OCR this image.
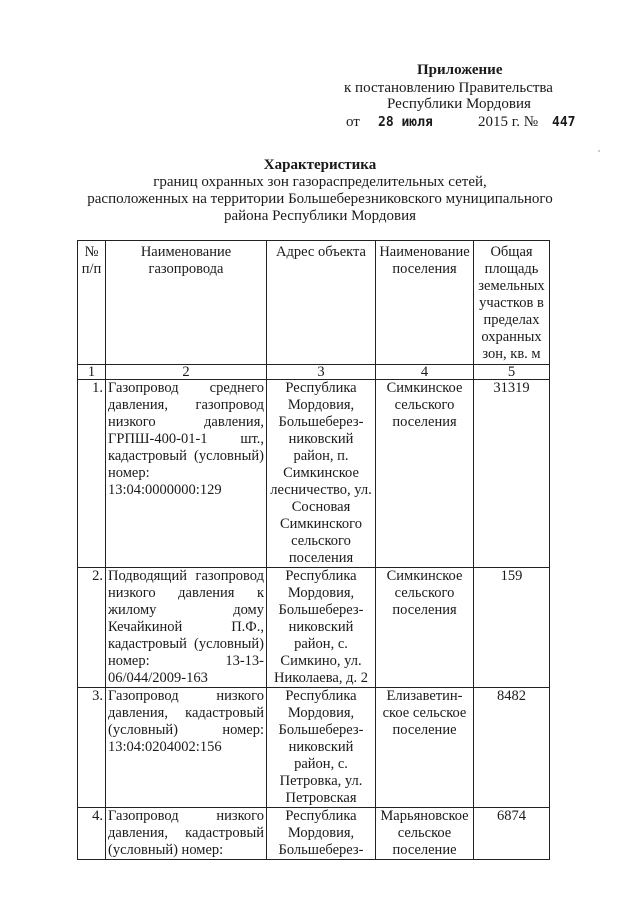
Приложение
к постановлению Правительства
Республики Мордовия
от 28 июля	2015 г. № 447
Характеристика
границ охранных зон газораспределительных сетей,
расположенных на территории Большеберезниковского муниципального
района Республики Мордовия
№ п/п	Наименование газопровода	Адрес объекта	Наименование поселения	Общая площадь земельных участков в пределах охранных зон, кв. м
1	2	3	4	5
1.	Газопровод среднего давления, газопровод низкого давления, ГРПШ-400-01-1 шт., кадастровый (условный) номер: 13:04:0000000:129	Республика Мордовия, Большеберез-никовский район, п. Симкинское лесничество, ул. Сосновая Симкинского сельского поселения	Симкинское сельского поселения	31319
2.	Подводящий газопровод низкого давления к жилому дому Кечайкиной П.Ф., кадастровый (условный) номер: 13-13-06/044/2009-163	Республика Мордовия, Большеберез-никовский район, с. Симкино, ул. Николаева, д. 2	Симкинское сельского поселения	159
3.	Газопровод низкого давления, кадастровый (условный) номер: 13:04:0204002:156	Республика Мордовия, Большеберез-никовский район, с. Петровка, ул. Петровская	Елизаветин-ское сельское поселение	8482
4.	Газопровод низкого давления, кадастровый (условный) номер:	Республика Мордовия, Большеберез-	Марьяновское сельское поселение	6874
